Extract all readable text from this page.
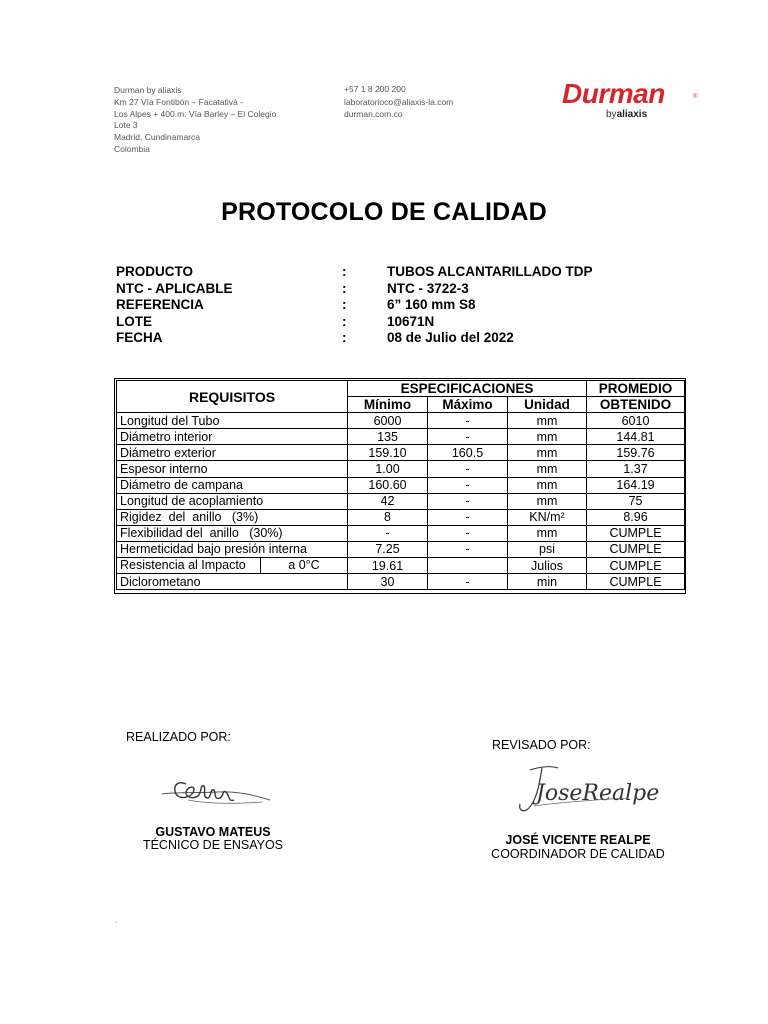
Durman by aliaxis
Km 27 Vía Fontibón – Facatativá -
Los Alpes + 400 m. Vía Barley – El Colegio
Lote 3
Madrid, Cundinamarca
Colombia
+57 1 8 200 200
laboratorioco@aliaxis-la.com
durman.com.co
Durman	®
byaliaxis
PROTOCOLO DE CALIDAD
PRODUCTO	:	TUBOS ALCANTARILLADO TDP
NTC - APLICABLE	:	NTC - 3722-3
REFERENCIA	:	6” 160 mm S8
LOTE	:	10671N
FECHA	:	08 de Julio del 2022
REQUISITOS	ESPECIFICACIONES			PROMEDIO
	Mínimo	Máximo	Unidad	OBTENIDO
Longitud del Tubo	6000	-	mm	6010
Diámetro interior	135	-	mm	144.81
Diámetro exterior	159.10	160.5	mm	159.76
Espesor interno	1.00	-	mm	1.37
Diámetro de campana	160.60	-	mm	164.19
Longitud de acoplamiento	42	-	mm	75
Rigidez  del  anillo   (3%)	8	-	KN/m²	8.96
Flexibilidad del  anillo   (30%)	-	-	mm	CUMPLE
Hermeticidad bajo presión interna	7.25	-	psi	CUMPLE

Resistencia al Impacto a 0°C	19.61		Julios	CUMPLE
Diclorometano	30	-	min	CUMPLE
REALIZADO POR:
REVISADO POR:
JoseRealpe
GUSTAVO MATEUS
TÉCNICO DE ENSAYOS	JOSÉ VICENTE REALPE
COORDINADOR DE CALIDAD
